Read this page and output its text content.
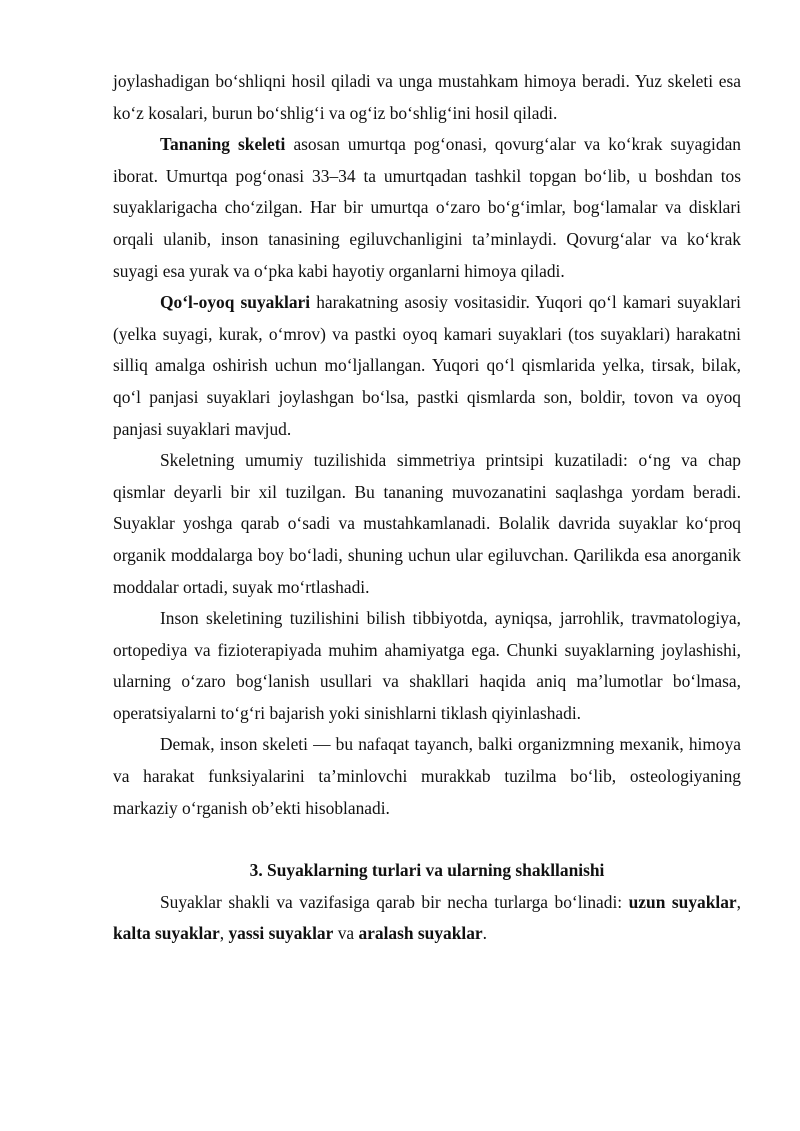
joylashadigan bo‘shliqni hosil qiladi va unga mustahkam himoya beradi. Yuz skeleti esa ko‘z kosalari, burun bo‘shlig‘i va og‘iz bo‘shlig‘ini hosil qiladi.

Tananing skeleti asosan umurtqa pog‘onasi, qovurg‘alar va ko‘krak suyagidan iborat. Umurtqa pog‘onasi 33–34 ta umurtqadan tashkil topgan bo‘lib, u boshdan tos suyaklarigacha cho‘zilgan. Har bir umurtqa o‘zaro bo‘g‘imlar, bog‘lamalar va disklari orqali ulanib, inson tanasining egiluvchanligini ta’minlaydi. Qovurg‘alar va ko‘krak suyagi esa yurak va o‘pka kabi hayotiy organlarni himoya qiladi.

Qo‘l-oyoq suyaklari harakatning asosiy vositasidir. Yuqori qo‘l kamari suyaklari (yelka suyagi, kurak, o‘mrov) va pastki oyoq kamari suyaklari (tos suyaklari) harakatni silliq amalga oshirish uchun mo‘ljallangan. Yuqori qo‘l qismlarida yelka, tirsak, bilak, qo‘l panjasi suyaklari joylashgan bo‘lsa, pastki qismlarda son, boldir, tovon va oyoq panjasi suyaklari mavjud.

Skeletning umumiy tuzilishida simmetriya printsipi kuzatiladi: o‘ng va chap qismlar deyarli bir xil tuzilgan. Bu tananing muvozanatini saqlashga yordam beradi. Suyaklar yoshga qarab o‘sadi va mustahkamlanadi. Bolalik davrida suyaklar ko‘proq organik moddalarga boy bo‘ladi, shuning uchun ular egiluvchan. Qarilikda esa anorganik moddalar ortadi, suyak mo‘rtlashadi.

Inson skeletining tuzilishini bilish tibbiyotda, ayniqsa, jarrohlik, travmatologiya, ortopediya va fizioterapiyada muhim ahamiyatga ega. Chunki suyaklarning joylashishi, ularning o‘zaro bog‘lanish usullari va shakllari haqida aniq ma’lumotlar bo‘lmasa, operatsiyalarni to‘g‘ri bajarish yoki sinishlarni tiklash qiyinlashadi.

Demak, inson skeleti — bu nafaqat tayanch, balki organizmning mexanik, himoya va harakat funksiyalarini ta’minlovchi murakkab tuzilma bo‘lib, osteologiyaning markaziy o‘rganish ob’ekti hisoblanadi.

3. Suyaklarning turlari va ularning shakllanishi

Suyaklar shakli va vazifasiga qarab bir necha turlarga bo‘linadi: uzun suyaklar, kalta suyaklar, yassi suyaklar va aralash suyaklar.
